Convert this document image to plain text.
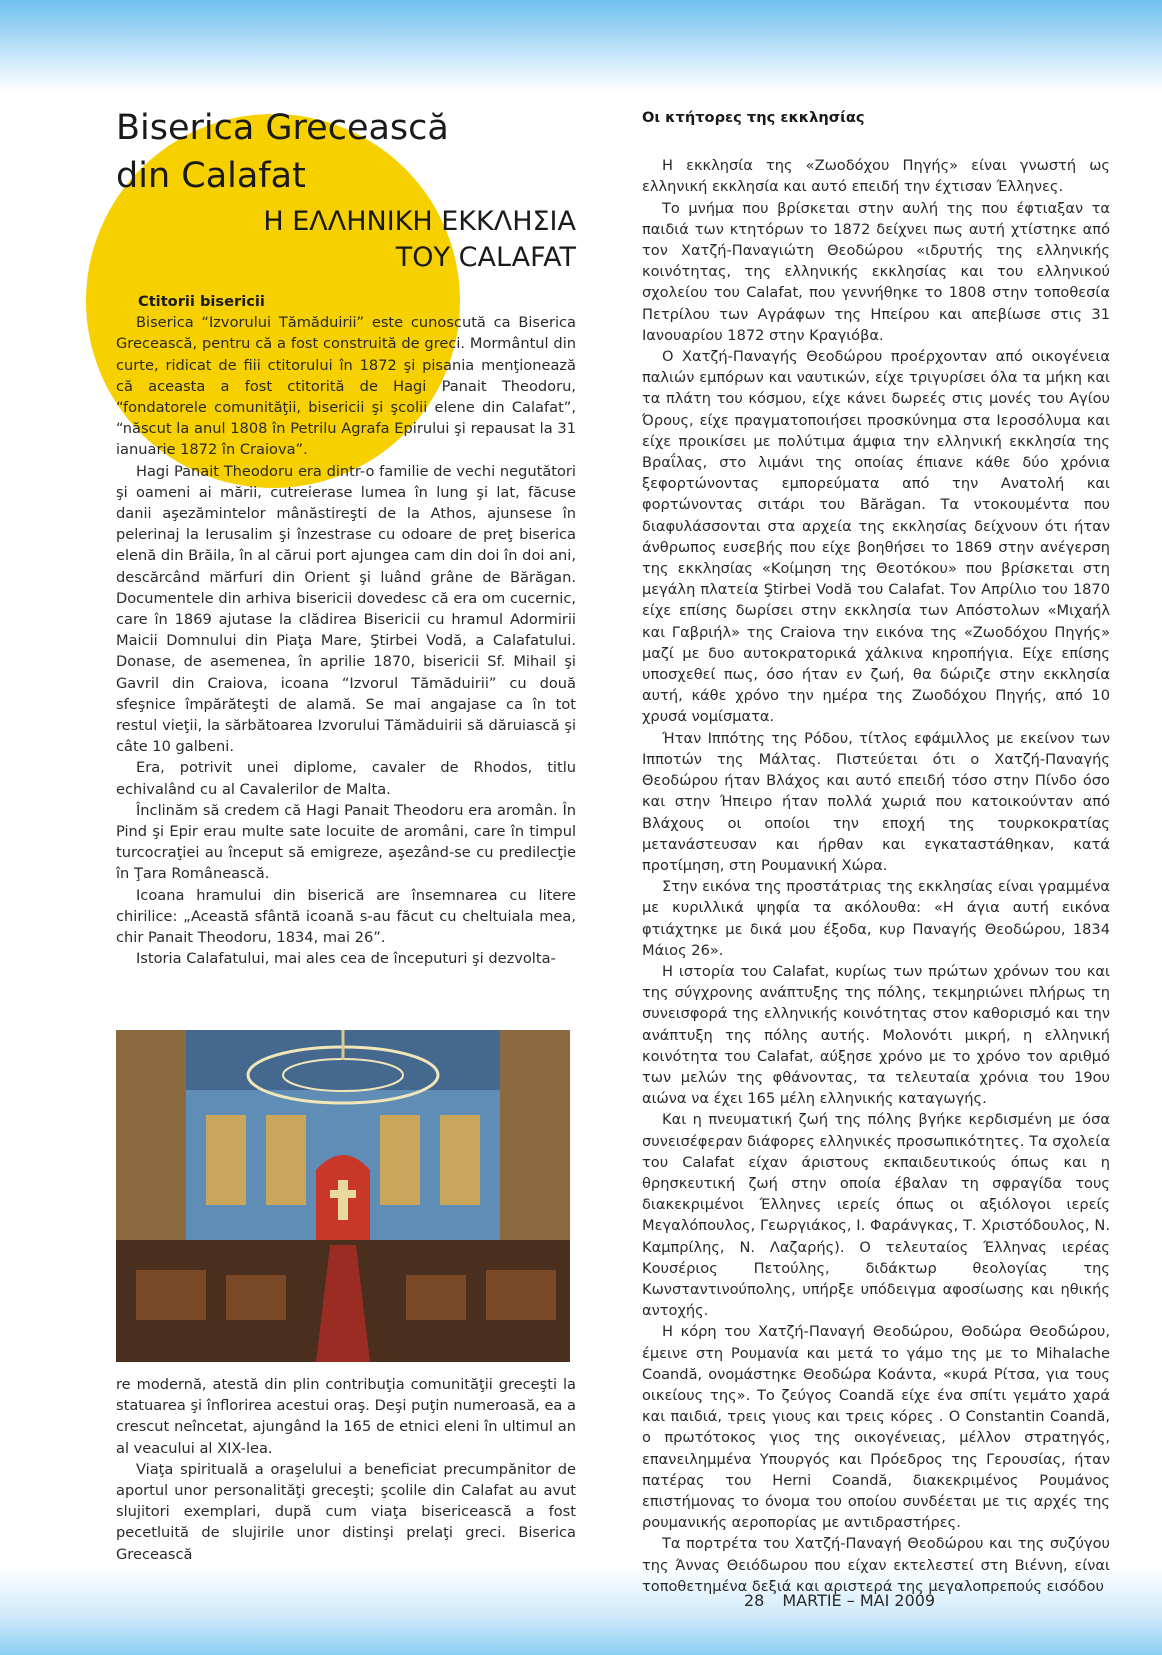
Biserica Grecească
din Calafat
Η ΕΛΛΗΝΙΚΗ ΕΚΚΛΗΣΙΑ
ΤΟΥ CALAFAT
Ctitorii bisericii

Biserica “Izvorului Tămăduirii” este cunoscută ca Biserica Grecească, pentru că a fost construită de greci. Mormântul din curte, ridicat de fiii ctitorului în 1872 şi pisania menţionează că aceasta a fost ctitorită de Hagi Panait Theodoru, “fondatorele comunităţii, bisericii şi şcolii elene din Calafat”, “născut la anul 1808 în Petrilu Agrafa Epirului şi repausat la 31 ianuarie 1872 în Craiova”.

Hagi Panait Theodoru era dintr-o familie de vechi negutători şi oameni ai mării, cutreierase lumea în lung şi lat, făcuse danii aşezămintelor mânăstireşti de la Athos, ajunsese în pelerinaj la Ierusalim şi înzestrase cu odoare de preţ biserica elenă din Brăila, în al cărui port ajungea cam din doi în doi ani, descărcând mărfuri din Orient şi luând grâne de Bărăgan. Documentele din arhiva bisericii dovedesc că era om cucernic, care în 1869 ajutase la clădirea Bisericii cu hramul Adormirii Maicii Domnului din Piaţa Mare, Ştirbei Vodă, a Calafatului. Donase, de asemenea, în aprilie 1870, bisericii Sf. Mihail şi Gavril din Craiova, icoana “Izvorul Tămăduirii” cu două sfeşnice împărăteşti de alamă. Se mai angajase ca în tot restul vieţii, la sărbătoarea Izvorului Tămăduirii să dăruiască şi câte 10 galbeni.

Era, potrivit unei diplome, cavaler de Rhodos, titlu echivalând cu al Cavalerilor de Malta.

Înclinăm să credem că Hagi Panait Theodoru era aromân. În Pind şi Epir erau multe sate locuite de aromâni, care în timpul turcocraţiei au început să emigreze, aşezând-se cu predilecţie în Ţara Românească.

Icoana hramului din biserică are însemnarea cu litere chirilice: „Această sfântă icoană s-au făcut cu cheltuiala mea, chir Panait Theodoru, 1834, mai 26”.

Istoria Calafatului, mai ales cea de începuturi şi dezvolta-

re modernă, atestă din plin contribuţia comunităţii greceşti la statuarea şi înflorirea acestui oraş. Deşi puţin numeroasă, ea a crescut neîncetat, ajungând la 165 de etnici eleni în ultimul an al veacului al XIX-lea.

Viaţa spirituală a oraşelului a beneficiat precumpănitor de aportul unor personalităţi greceşti; şcolile din Calafat au avut slujitori exemplari, după cum viaţa bisericească a fost pecetluită de slujirile unor distinşi prelaţi greci. Biserica Grecească

Οι κτήτορες της εκκλησίας

Η εκκλησία της «Ζωοδόχου Πηγής» είναι γνωστή ως ελληνική εκκλησία και αυτό επειδή την έχτισαν Έλληνες.

Το μνήμα που βρίσκεται στην αυλή της που έφτιαξαν τα παιδιά των κτητόρων το 1872 δείχνει πως αυτή χτίστηκε από τον Χατζή-Παναγιώτη Θεοδώρου «ιδρυτής της ελληνικής κοινότητας, της ελληνικής εκκλησίας και του ελληνικού σχολείου του Calafat, που γεννήθηκε το 1808 στην τοποθεσία Πετρίλου των Αγράφων της Ηπείρου και απεβίωσε στις 31 Ιανουαρίου 1872 στην Κραγιόβα.

Ο Χατζή-Παναγής Θεοδώρου προέρχονταν από οικογένεια παλιών εμπόρων και ναυτικών, είχε τριγυρίσει όλα τα μήκη και τα πλάτη του κόσμου, είχε κάνει δωρεές στις μονές του Αγίου Όρους, είχε πραγματοποιήσει προσκύνημα στα Ιεροσόλυμα και είχε προικίσει με πολύτιμα άμφια την ελληνική εκκλησία της Βραΐλας, στο λιμάνι της οποίας έπιανε κάθε δύο χρόνια ξεφορτώνοντας εμπορεύματα από την Ανατολή και φορτώνοντας σιτάρι του Bărăgan. Τα ντοκουμέντα που διαφυλάσσονται στα αρχεία της εκκλησίας δείχνουν ότι ήταν άνθρωπος ευσεβής που είχε βοηθήσει το 1869 στην ανέγερση της εκκλησίας «Κοίμηση της Θεοτόκου» που βρίσκεται στη μεγάλη πλατεία Ştirbei Vodă του Calafat. Τον Απρίλιο του 1870 είχε επίσης δωρίσει στην εκκλησία των Απόστολων «Μιχαήλ και Γαβριήλ» της Craiova την εικόνα της «Ζωοδόχου Πηγής» μαζί με δυο αυτοκρατορικά χάλκινα κηροπήγια. Είχε επίσης υποσχεθεί πως, όσο ήταν εν ζωή, θα δώριζε στην εκκλησία αυτή, κάθε χρόνο την ημέρα της Ζωοδόχου Πηγής, από 10 χρυσά νομίσματα.

Ήταν Ιππότης της Ρόδου, τίτλος εφάμιλλος με εκείνον των Ιπποτών της Μάλτας. Πιστεύεται ότι ο Χατζή-Παναγής Θεοδώρου ήταν Βλάχος και αυτό επειδή τόσο στην Πίνδο όσο και στην Ήπειρο ήταν πολλά χωριά που κατοικούνταν από Βλάχους οι οποίοι την εποχή της τουρκοκρατίας μετανάστευσαν και ήρθαν και εγκαταστάθηκαν, κατά προτίμηση, στη Ρουμανική Χώρα.

Στην εικόνα της προστάτριας της εκκλησίας είναι γραμμένα με κυριλλικά ψηφία τα ακόλουθα: «Η άγια αυτή εικόνα φτιάχτηκε με δικά μου έξοδα, κυρ Παναγής Θεοδώρου, 1834 Μάιος 26».

Η ιστορία του Calafat, κυρίως των πρώτων χρόνων του και της σύγχρονης ανάπτυξης της πόλης, τεκμηριώνει πλήρως τη συνεισφορά της ελληνικής κοινότητας στον καθορισμό και την ανάπτυξη της πόλης αυτής. Μολονότι μικρή, η ελληνική κοινότητα του Calafat, αύξησε χρόνο με το χρόνο τον αριθμό των μελών της φθάνοντας, τα τελευταία χρόνια του 19ου αιώνα να έχει 165 μέλη ελληνικής καταγωγής.

Και η πνευματική ζωή της πόλης βγήκε κερδισμένη με όσα συνεισέφεραν διάφορες ελληνικές προσωπικότητες. Τα σχολεία του Calafat είχαν άριστους εκπαιδευτικούς όπως και η θρησκευτική ζωή στην οποία έβαλαν τη σφραγίδα τους διακεκριμένοι Έλληνες ιερείς όπως οι αξιόλογοι ιερείς Μεγαλόπουλος, Γεωργιάκος, Ι. Φαράνγκας, Τ. Χριστόδουλος, Ν. Καμπρίλης, Ν. Λαζαρής). Ο τελευταίος Έλληνας ιερέας Κουσέριος Πετούλης, διδάκτωρ θεολογίας της Κωνσταντινούπολης, υπήρξε υπόδειγμα αφοσίωσης και ηθικής αντοχής.

Η κόρη του Χατζή-Παναγή Θεοδώρου, Θοδώρα Θεοδώρου, έμεινε στη Ρουμανία και μετά το γάμο της με το Mihalache Coandă, ονομάστηκε Θεοδώρα Κοάντα, «κυρά Ρίτσα, για τους οικείους της». Το ζεύγος Coandă είχε ένα σπίτι γεμάτο χαρά και παιδιά, τρεις γιους και τρεις κόρες . Ο Constantin Coandă, ο πρωτότοκος γιος της οικογένειας, μέλλον στρατηγός, επανειλημμένα Υπουργός και Πρόεδρος της Γερουσίας, ήταν πατέρας του Herni Coandă, διακεκριμένος Ρουμάνος επιστήμονας το όνομα του οποίου συνδέεται με τις αρχές της ρουμανικής αεροπορίας με αντιδραστήρες.

Τα πορτρέτα του Χατζή-Παναγή Θεοδώρου και της συζύγου της Άννας Θειόδωρου που είχαν εκτελεστεί στη Βιέννη, είναι τοποθετημένα δεξιά και αριστερά της μεγαλοπρεπούς εισόδου

28 MARTIE – MAI 2009
